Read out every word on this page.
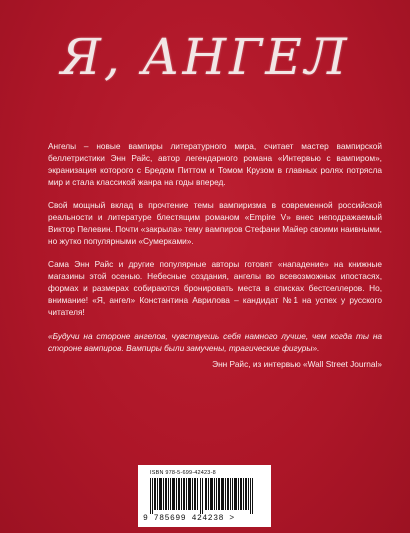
Я, АНГЕЛ
Ангелы – новые вампиры литературного мира, считает мастер вампирской беллетристики Энн Райс, автор легендарного романа «Интервью с вампиром», экранизация которого с Бредом Питтом и Томом Крузом в главных ролях потрясла мир и стала классикой жанра на годы вперед.
Свой мощный вклад в прочтение темы вампиризма в современной российской реальности и литературе блестящим романом «Empire V» внес неподражаемый Виктор Пелевин. Почти «закрыла» тему вампиров Стефани Майер своими наивными, но жутко популярными «Сумерками».
Сама Энн Райс и другие популярные авторы готовят «нападение» на книжные магазины этой осенью. Небесные создания, ангелы во всевозможных ипостасях, формах и размерах собираются бронировать места в списках бестселлеров. Но, внимание! «Я, ангел» Константина Аврилова – кандидат №1 на успех у русского читателя!
«Будучи на стороне ангелов, чувствуешь себя намного лучше, чем когда ты на стороне вампиров. Вампиры были замучены, трагические фигуры».
Энн Райс, из интервью «Wall Street Journal»
ISBN 978-5-699-42423-8
9 785699 424238 >
